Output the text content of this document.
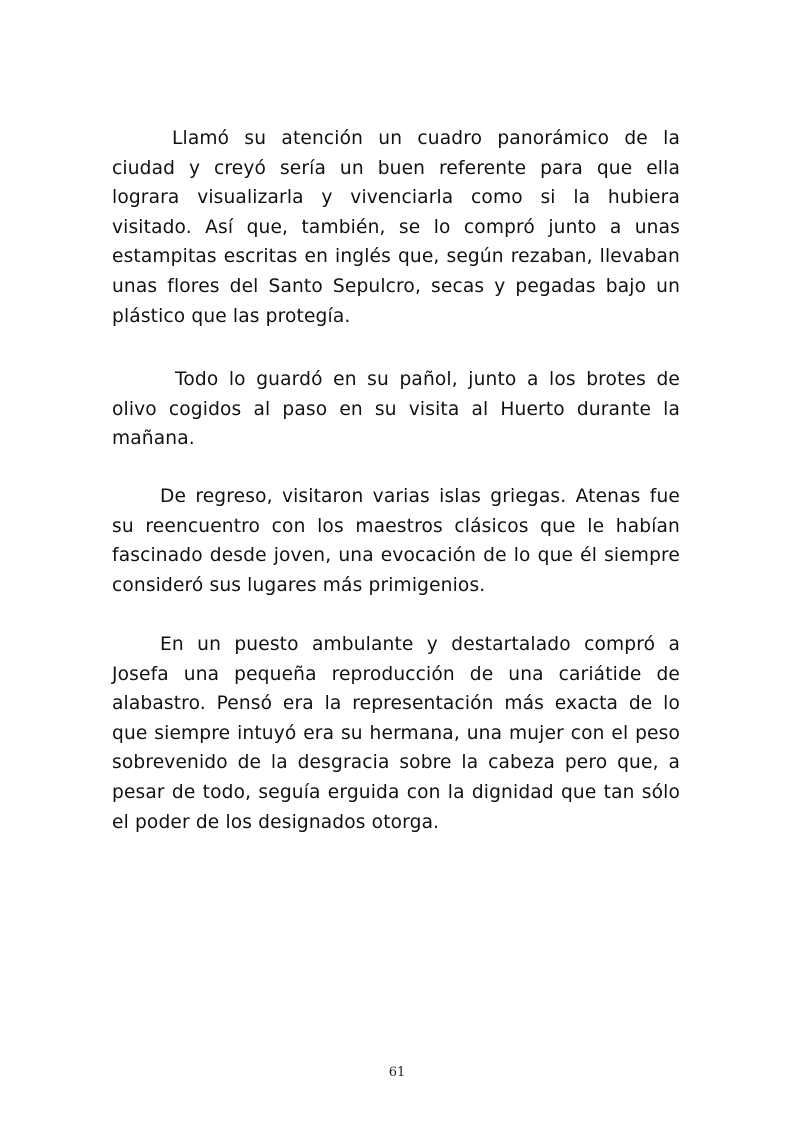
Llamó su atención un cuadro panorámico de la ciudad y creyó sería un buen referente para que ella lograra visualizarla y vivenciarla como si la hubiera visitado. Así que, también, se lo compró junto a unas estampitas escritas en inglés que, según rezaban, llevaban unas flores del Santo Sepulcro, secas y pegadas bajo un plástico que las protegía.

Todo lo guardó en su pañol, junto a los brotes de olivo cogidos al paso en su visita al Huerto durante la mañana.

De regreso, visitaron varias islas griegas. Atenas fue su reencuentro con los maestros clásicos que le habían fascinado desde joven, una evocación de lo que él siempre consideró sus lugares más primigenios.

En un puesto ambulante y destartalado compró a Josefa una pequeña reproducción de una cariátide de alabastro. Pensó era la representación más exacta de lo que siempre intuyó era su hermana, una mujer con el peso sobrevenido de la desgracia sobre la cabeza pero que, a pesar de todo, seguía erguida con la dignidad que tan sólo el poder de los designados otorga.

61
